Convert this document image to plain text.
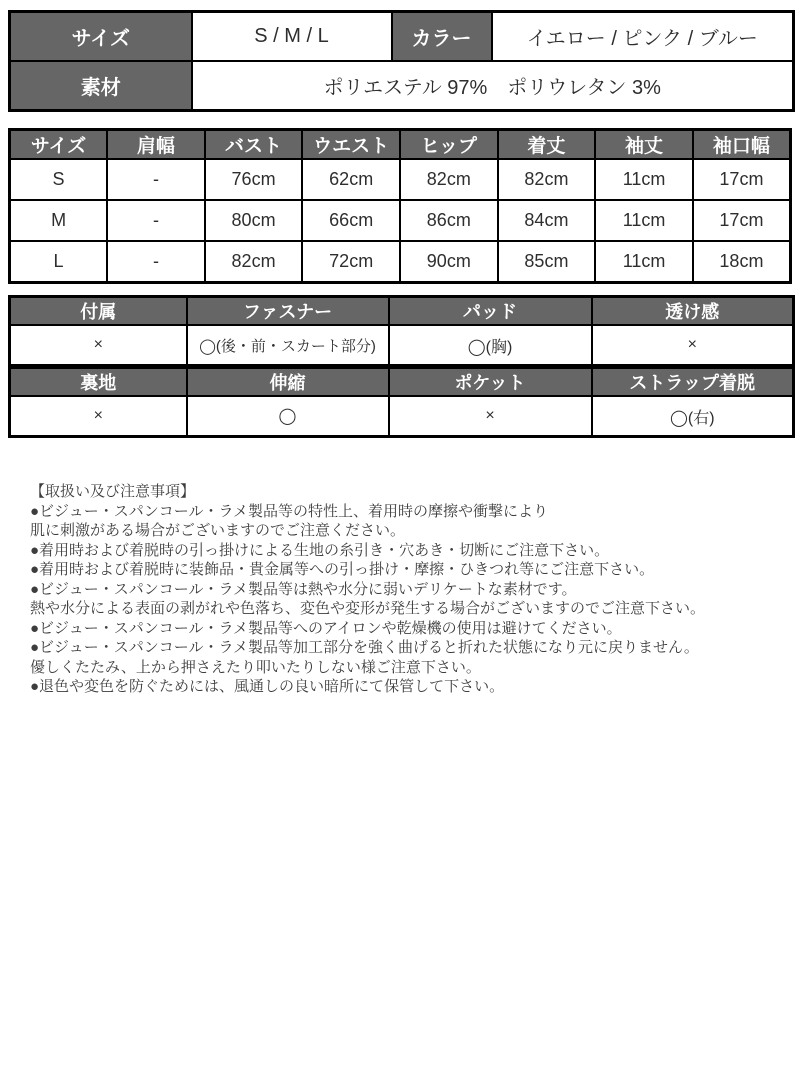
サイズ	S / M / L	カラー	イエロー / ピンク / ブルー
素材	ポリエステル 97%　ポリウレタン 3%		
サイズ	肩幅	バスト	ウエスト	ヒップ	着丈	袖丈	袖口幅
S	-	76cm	62cm	82cm	82cm	11cm	17cm
M	-	80cm	66cm	86cm	84cm	11cm	17cm
L	-	82cm	72cm	90cm	85cm	11cm	18cm
付属	ファスナー	パッド	透け感
×	◯(後・前・スカート部分)	◯(胸)	×
裏地	伸縮	ポケット	ストラップ着脱
×	◯	×	◯(右)
【取扱い及び注意事項】
●ビジュー・スパンコール・ラメ製品等の特性上、着用時の摩擦や衝撃により
肌に刺激がある場合がございますのでご注意ください。
●着用時および着脱時の引っ掛けによる生地の糸引き・穴あき・切断にご注意下さい。
●着用時および着脱時に装飾品・貴金属等への引っ掛け・摩擦・ひきつれ等にご注意下さい。
●ビジュー・スパンコール・ラメ製品等は熱や水分に弱いデリケートな素材です。
熱や水分による表面の剥がれや色落ち、変色や変形が発生する場合がございますのでご注意下さい。
●ビジュー・スパンコール・ラメ製品等へのアイロンや乾燥機の使用は避けてください。
●ビジュー・スパンコール・ラメ製品等加工部分を強く曲げると折れた状態になり元に戻りません。
優しくたたみ、上から押さえたり叩いたりしない様ご注意下さい。
●退色や変色を防ぐためには、風通しの良い暗所にて保管して下さい。
